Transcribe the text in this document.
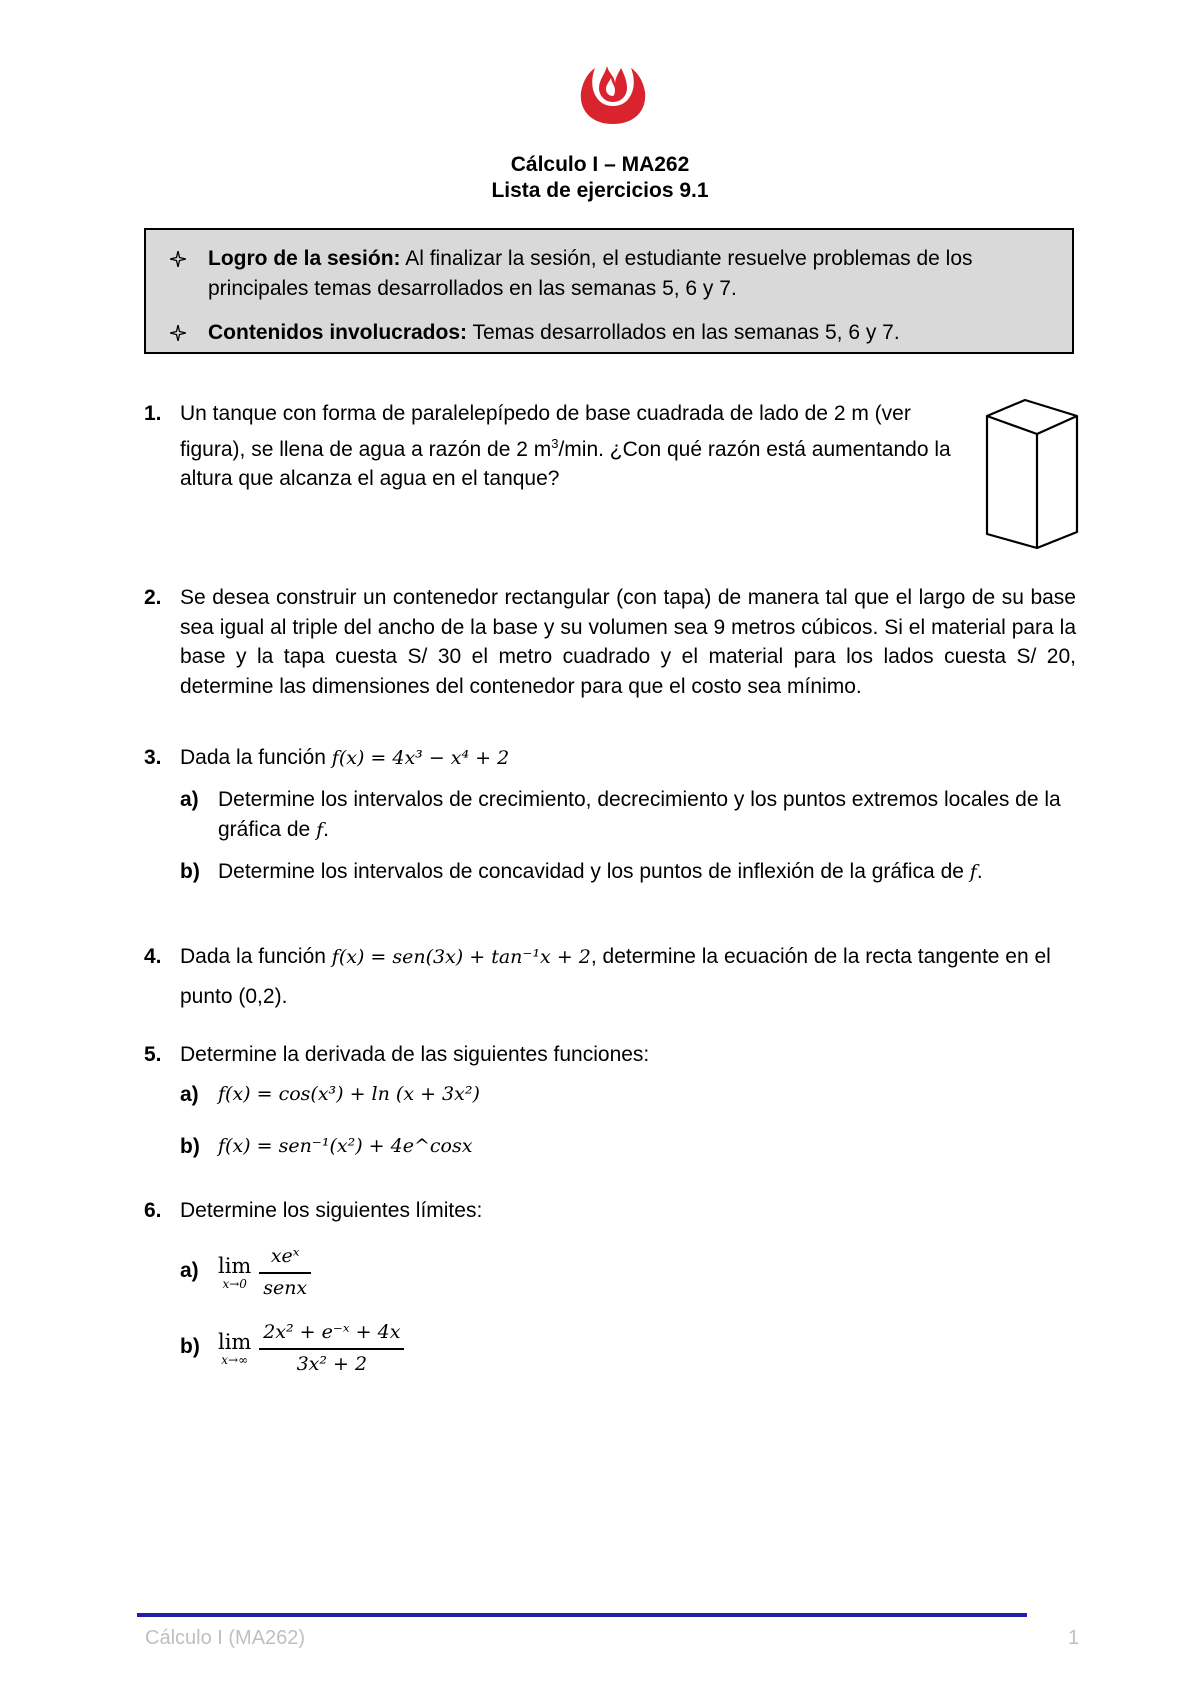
Cálculo I – MA262
Lista de ejercicios 9.1
Logro de la sesión: Al finalizar la sesión, el estudiante resuelve problemas de los principales temas desarrollados en las semanas 5, 6 y 7.
Contenidos involucrados: Temas desarrollados en las semanas 5, 6 y 7.
1. Un tanque con forma de paralelepípedo de base cuadrada de lado de 2 m (ver figura), se llena de agua a razón de 2 $m^3/\min$. ¿Con qué razón está aumentando la altura que alcanza el agua en el tanque?
2. Se desea construir un contenedor rectangular (con tapa) de manera tal que el largo de su base sea igual al triple del ancho de la base y su volumen sea 9 metros cúbicos. Si el material para la base y la tapa cuesta S/ 30 el metro cuadrado y el material para los lados cuesta S/ 20, determine las dimensiones del contenedor para que el costo sea mínimo.
3. Dada la función f(x) = 4x³ − x⁴ + 2
a) Determine los intervalos de crecimiento, decrecimiento y los puntos extremos locales de la gráfica de f.
b) Determine los intervalos de concavidad y los puntos de inflexión de la gráfica de f.
4. Dada la función f(x) = sen(3x) + tan⁻¹x + 2, determine la ecuación de la recta tangente en el punto (0,2).
5. Determine la derivada de las siguientes funciones:
a) f(x) = cos(x³) + ln (x + 3x²)
b) f(x) = sen⁻¹(x²) + 4e^cosx
6. Determine los siguientes límites:
a) lim
x→0
$\frac{\text{xeˣ}}{\text{senx}}$
b) lim
x→∞
$\frac{\text{2x² + e⁻ˣ + 4x}}{\text{3x² + 2}}$
Cálculo I (MA262)	1
